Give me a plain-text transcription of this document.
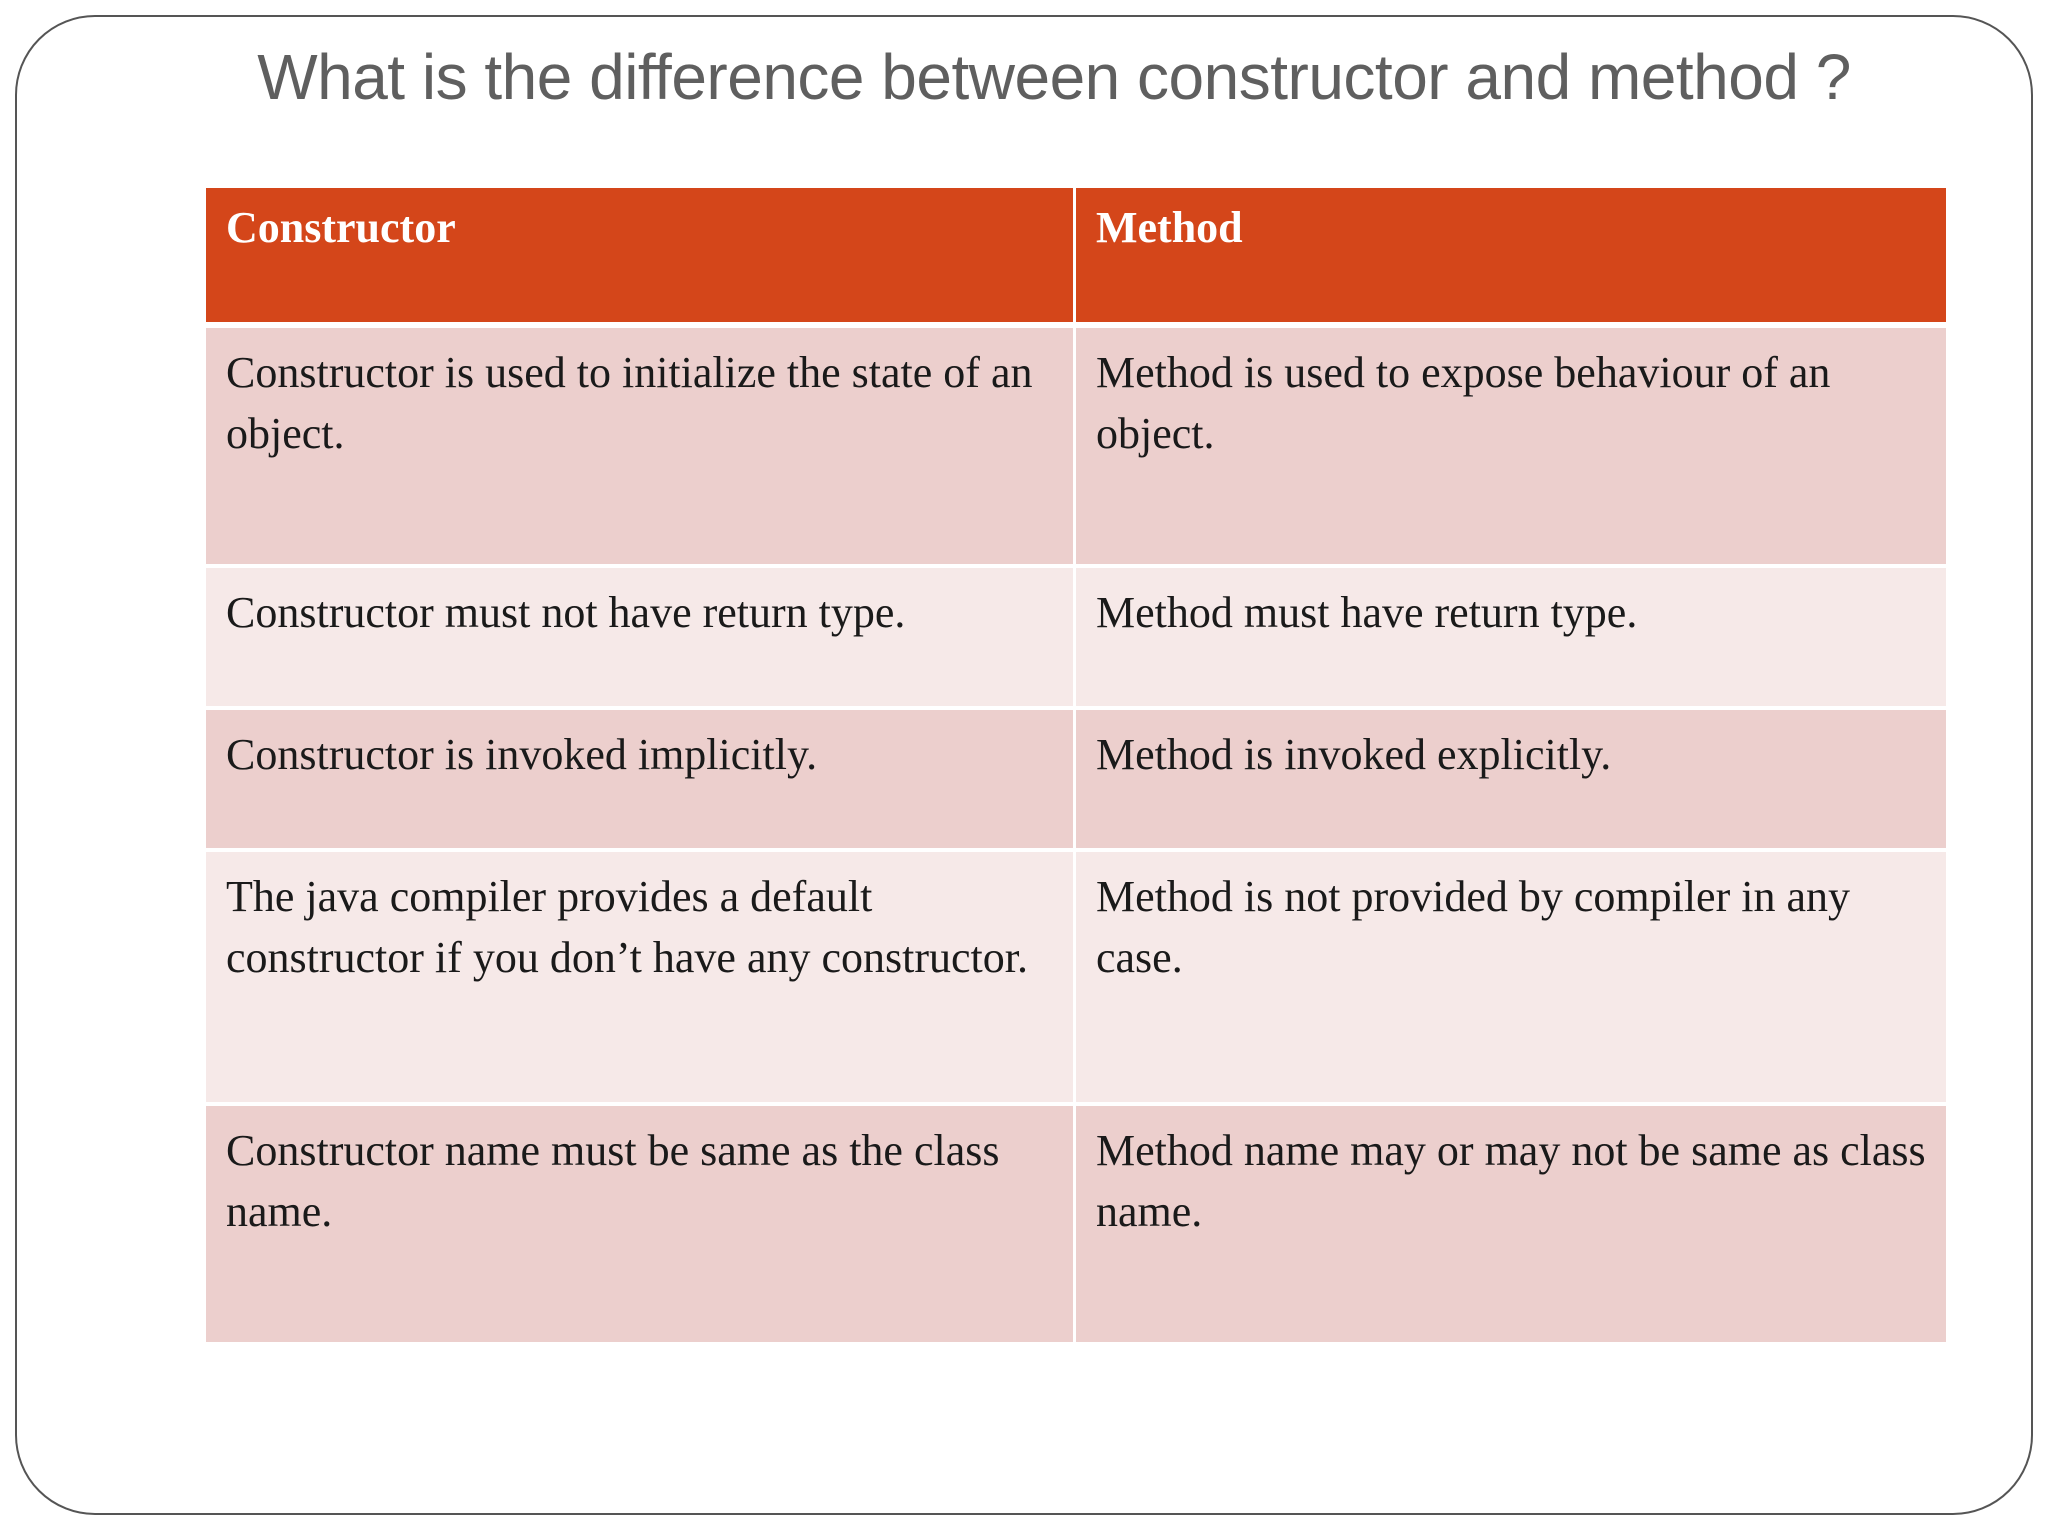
What is the difference between constructor and method ?
Constructor	Method
Constructor is used to initialize the state of an object.	Method is used to expose behaviour of an object.
Constructor must not have return type.	Method must have return type.
Constructor is invoked implicitly.	Method is invoked explicitly.
The java compiler provides a default constructor if you don’t have any constructor.	Method is not provided by compiler in any case.
Constructor name must be same as the class name.	Method name may or may not be same as class name.
